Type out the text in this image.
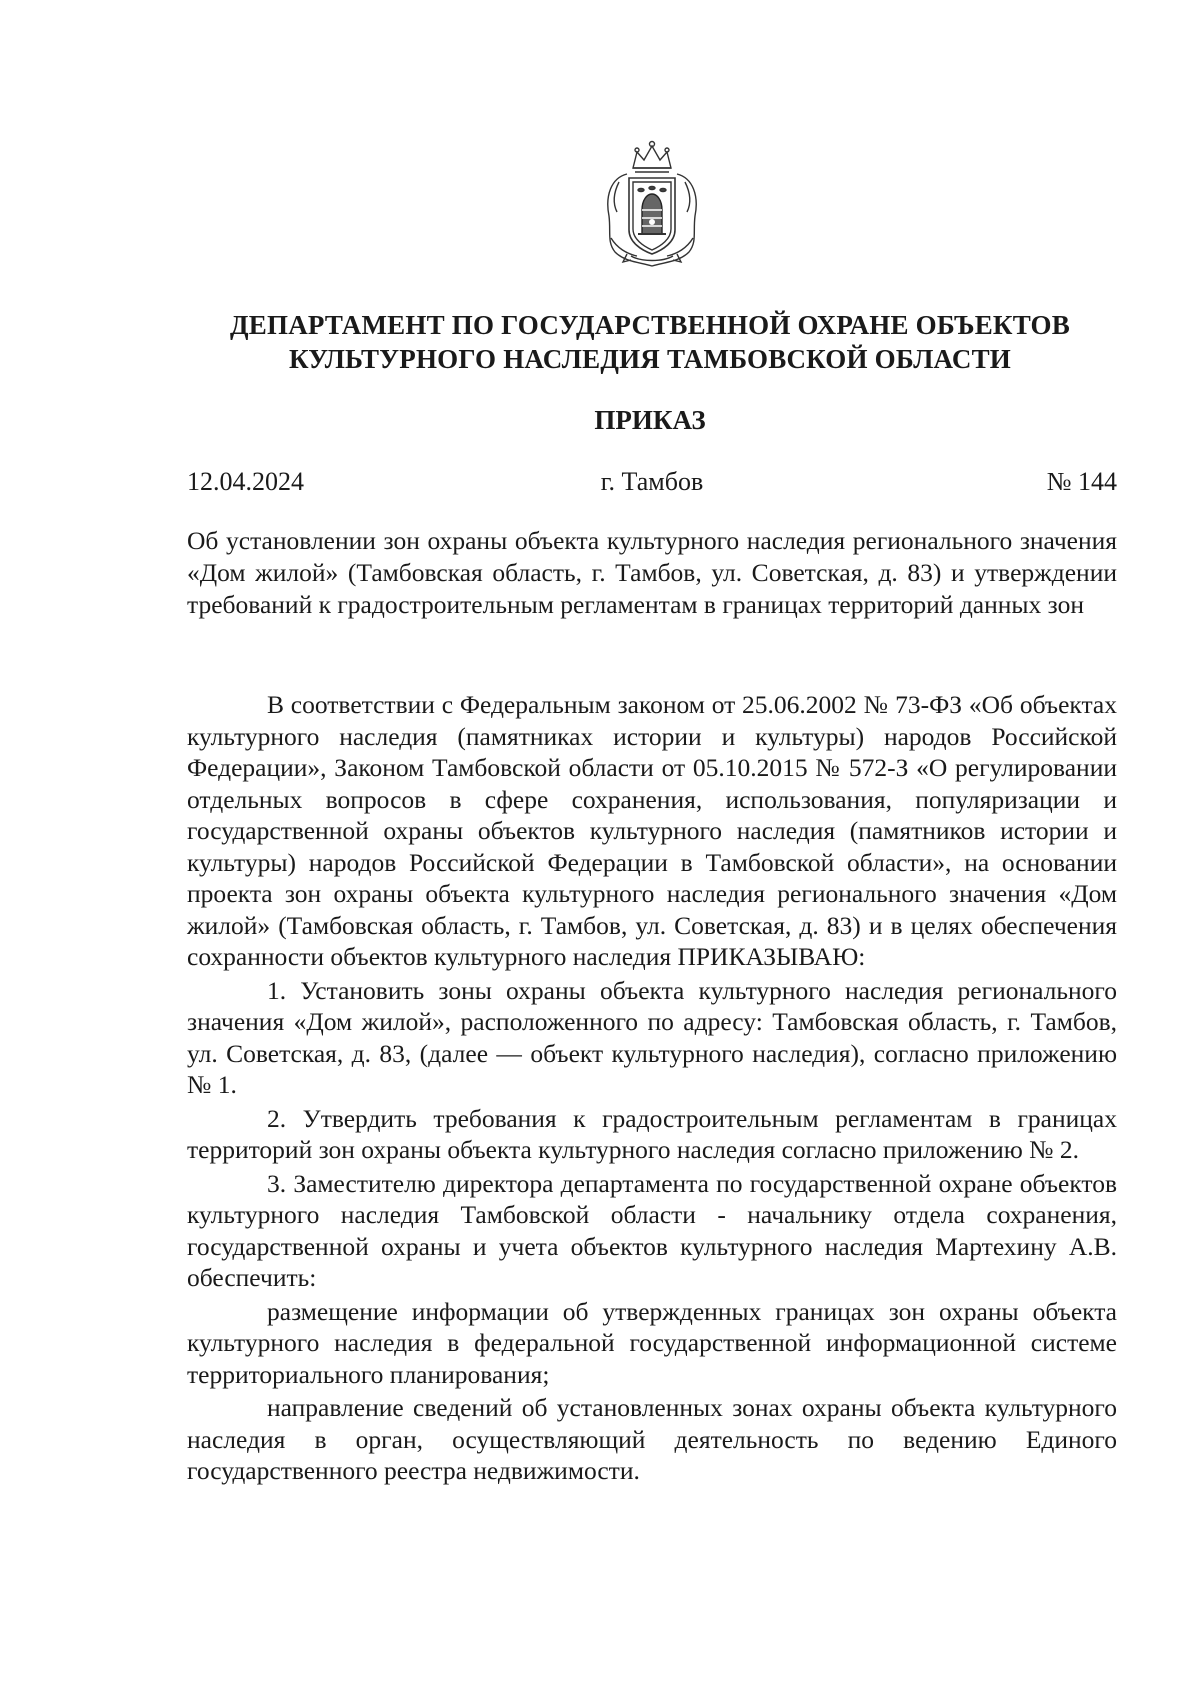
ДЕПАРТАМЕНТ ПО ГОСУДАРСТВЕННОЙ ОХРАНЕ ОБЪЕКТОВ
КУЛЬТУРНОГО НАСЛЕДИЯ ТАМБОВСКОЙ ОБЛАСТИ
ПРИКАЗ
г. Тамбов
12.04.2024	№ 144
Об установлении зон охраны объекта культурного наследия регионального значения «Дом жилой» (Тамбовская область, г. Тамбов, ул. Советская, д. 83) и утверждении требований к градостроительным регламентам в границах территорий данных зон

В соответствии с Федеральным законом от 25.06.2002 № 73-ФЗ «Об объектах культурного наследия (памятниках истории и культуры) народов Российской Федерации», Законом Тамбовской области от 05.10.2015 № 572-З «О регулировании отдельных вопросов в сфере сохранения, использования, популяризации и государственной охраны объектов культурного наследия (памятников истории и культуры) народов Российской Федерации в Тамбовской области», на основании проекта зон охраны объекта культурного наследия регионального значения «Дом жилой» (Тамбовская область, г. Тамбов, ул. Советская, д. 83) и в целях обеспечения сохранности объектов культурного наследия ПРИКАЗЫВАЮ:

1. Установить зоны охраны объекта культурного наследия регионального значения «Дом жилой», расположенного по адресу: Тамбовская область, г. Тамбов, ул. Советская, д. 83, (далее — объект культурного наследия), согласно приложению № 1.

2. Утвердить требования к градостроительным регламентам в границах территорий зон охраны объекта культурного наследия согласно приложению № 2.

3. Заместителю директора департамента по государственной охране объектов культурного наследия Тамбовской области - начальнику отдела сохранения, государственной охраны и учета объектов культурного наследия Мартехину А.В. обеспечить:

размещение информации об утвержденных границах зон охраны объекта культурного наследия в федеральной государственной информационной системе территориального планирования;

направление сведений об установленных зонах охраны объекта культурного наследия в орган, осуществляющий деятельность по ведению Единого государственного реестра недвижимости.
